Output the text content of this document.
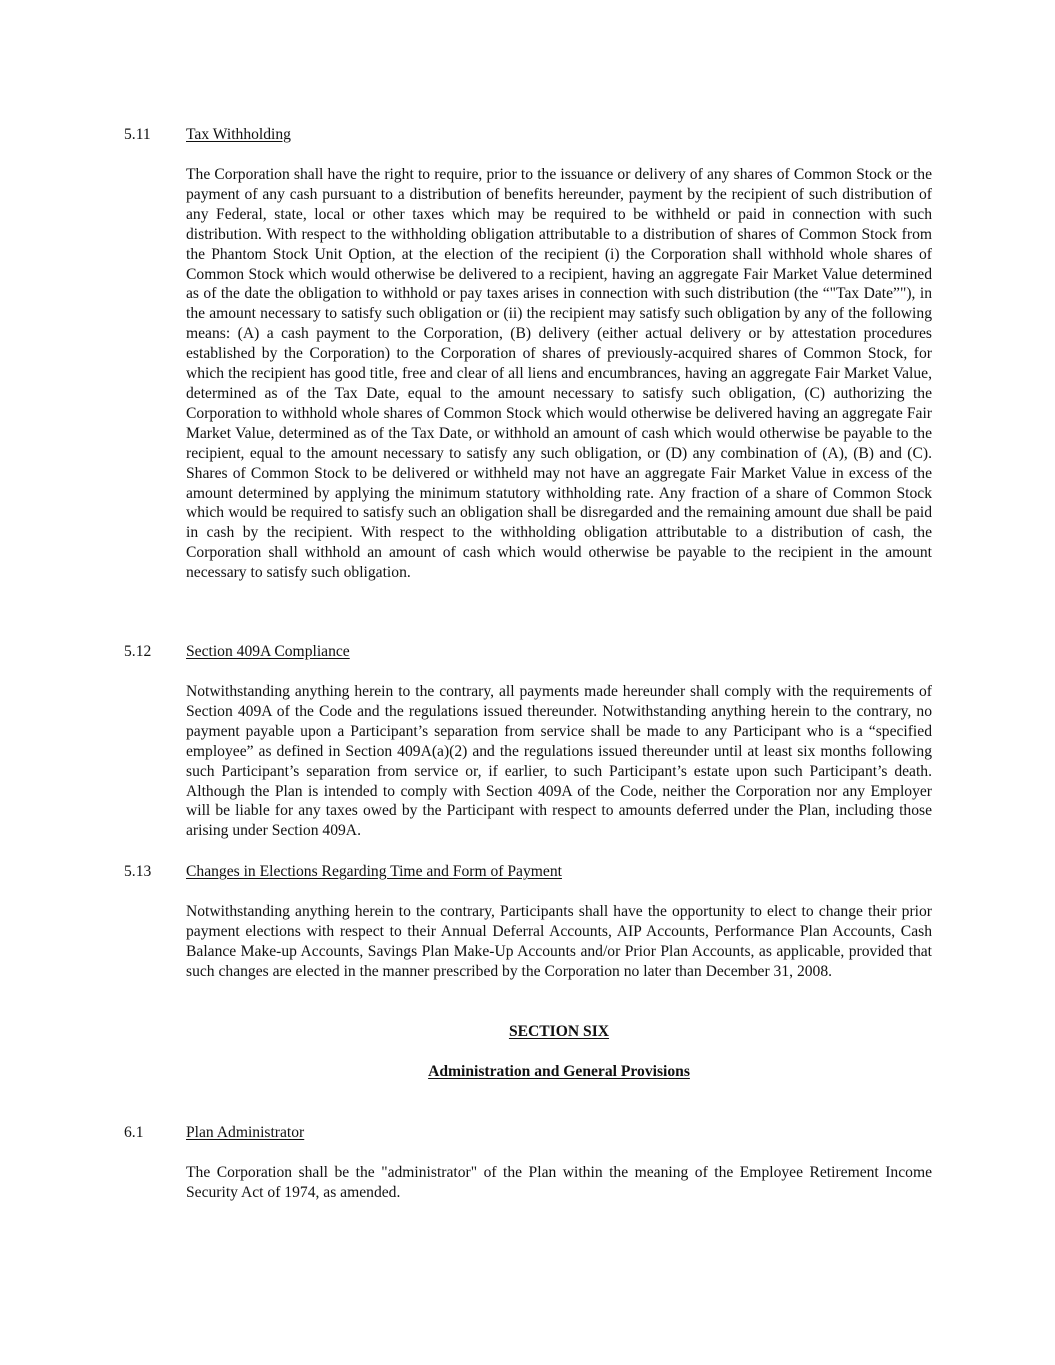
5.11 Tax Withholding

The Corporation shall have the right to require, prior to the issuance or delivery of any shares of Common Stock or the payment of any cash pursuant to a distribution of benefits hereunder, payment by the recipient of such distribution of any Federal, state, local or other taxes which may be required to be withheld or paid in connection with such distribution. With respect to the withholding obligation attributable to a distribution of shares of Common Stock from the Phantom Stock Unit Option, at the election of the recipient (i) the Corporation shall withhold whole shares of Common Stock which would otherwise be delivered to a recipient, having an aggregate Fair Market Value determined as of the date the obligation to withhold or pay taxes arises in connection with such distribution (the “"Tax Date”"), in the amount necessary to satisfy such obligation or (ii) the recipient may satisfy such obligation by any of the following means: (A) a cash payment to the Corporation, (B) delivery (either actual delivery or by attestation procedures established by the Corporation) to the Corporation of shares of previously-acquired shares of Common Stock, for which the recipient has good title, free and clear of all liens and encumbrances, having an aggregate Fair Market Value, determined as of the Tax Date, equal to the amount necessary to satisfy such obligation, (C) authorizing the Corporation to withhold whole shares of Common Stock which would otherwise be delivered having an aggregate Fair Market Value, determined as of the Tax Date, or withhold an amount of cash which would otherwise be payable to the recipient, equal to the amount necessary to satisfy any such obligation, or (D) any combination of (A), (B) and (C). Shares of Common Stock to be delivered or withheld may not have an aggregate Fair Market Value in excess of the amount determined by applying the minimum statutory withholding rate. Any fraction of a share of Common Stock which would be required to satisfy such an obligation shall be disregarded and the remaining amount due shall be paid in cash by the recipient. With respect to the withholding obligation attributable to a distribution of cash, the Corporation shall withhold an amount of cash which would otherwise be payable to the recipient in the amount necessary to satisfy such obligation.

5.12 Section 409A Compliance

Notwithstanding anything herein to the contrary, all payments made hereunder shall comply with the requirements of Section 409A of the Code and the regulations issued thereunder. Notwithstanding anything herein to the contrary, no payment payable upon a Participant’s separation from service shall be made to any Participant who is a “specified employee” as defined in Section 409A(a)(2) and the regulations issued thereunder until at least six months following such Participant’s separation from service or, if earlier, to such Participant’s estate upon such Participant’s death. Although the Plan is intended to comply with Section 409A of the Code, neither the Corporation nor any Employer will be liable for any taxes owed by the Participant with respect to amounts deferred under the Plan, including those arising under Section 409A.

5.13 Changes in Elections Regarding Time and Form of Payment

Notwithstanding anything herein to the contrary, Participants shall have the opportunity to elect to change their prior payment elections with respect to their Annual Deferral Accounts, AIP Accounts, Performance Plan Accounts, Cash Balance Make-up Accounts, Savings Plan Make-Up Accounts and/or Prior Plan Accounts, as applicable, provided that such changes are elected in the manner prescribed by the Corporation no later than December 31, 2008.

SECTION SIX
Administration and General Provisions
6.1	Plan Administrator

The Corporation shall be the "administrator" of the Plan within the meaning of the Employee Retirement Income Security Act of 1974, as amended.
